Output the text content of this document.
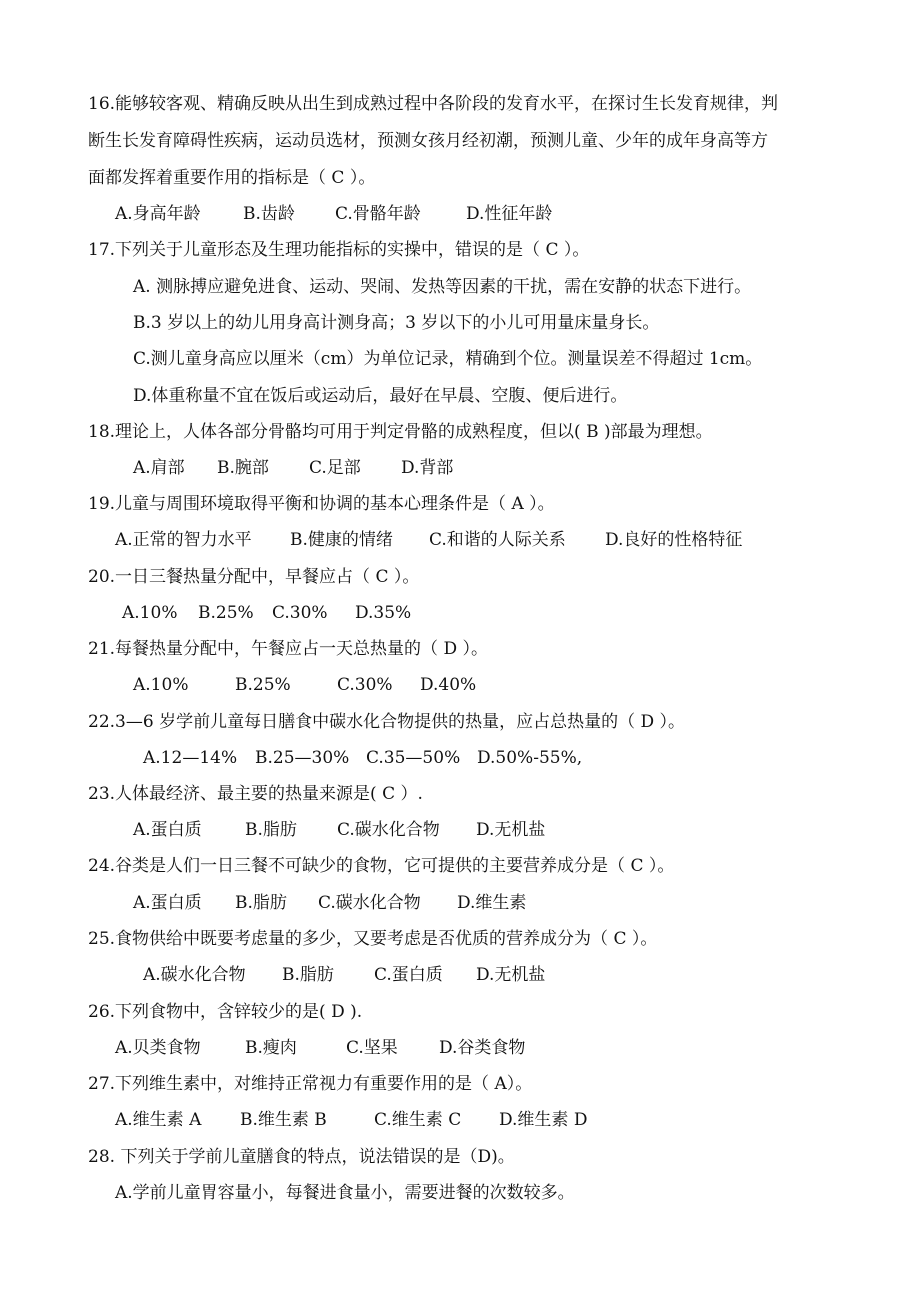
16.能够较客观、精确反映从出生到成熟过程中各阶段的发育水平，在探讨生长发育规律，判
断生长发育障碍性疾病，运动员选材，预测女孩月经初潮，预测儿童、少年的成年身高等方
面都发挥着重要作用的指标是（ C ）。
A.身高年龄 B.齿龄 C.骨骼年龄	D.性征年龄
17.下列关于儿童形态及生理功能指标的实操中，错误的是（ C ）。
A. 测脉搏应避免进食、运动、哭闹、发热等因素的干扰，需在安静的状态下进行。
B.3 岁以上的幼儿用身高计测身高；3 岁以下的小儿可用量床量身长。
C.测儿童身高应以厘米（cm）为单位记录，精确到个位。测量误差不得超过 1cm。
D.体重称量不宜在饭后或运动后，最好在早晨、空腹、便后进行。
18.理论上，人体各部分骨骼均可用于判定骨骼的成熟程度，但以( B )部最为理想。
A.肩部 B.腕部 C.足部 D.背部
19.儿童与周围环境取得平衡和协调的基本心理条件是（ A ）。
A.正常的智力水平 B.健康的情绪 C.和谐的人际关系 D.良好的性格特征
20.一日三餐热量分配中，早餐应占（ C ）。
A.10% B.25% C.30% D.35%
21.每餐热量分配中，午餐应占一天总热量的（ D ）。
A.10%	B.25%	C.30% D.40%
22.3—6 岁学前儿童每日膳食中碳水化合物提供的热量，应占总热量的（ D ）。
A.12—14% B.25—30% C.35—50% D.50%-55%,
23.人体最经济、最主要的热量来源是( C ）.
A.蛋白质	B.脂肪 C.碳水化合物 D.无机盐
24.谷类是人们一日三餐不可缺少的食物，它可提供的主要营养成分是（ C ）。
A.蛋白质 B.脂肪 C.碳水化合物 D.维生素
25.食物供给中既要考虑量的多少，又要考虑是否优质的营养成分为（ C ）。
A.碳水化合物 B.脂肪 C.蛋白质 D.无机盐
26.下列食物中，含锌较少的是( D ).
A.贝类食物	B.瘦肉	C.坚果 D.谷类食物
27.下列维生素中，对维持正常视力有重要作用的是（ A）。
A.维生素 A B.维生素 B	C.维生素 C D.维生素 D
28. 下列关于学前儿童膳食的特点，说法错误的是（D)。
A.学前儿童胃容量小，每餐进食量小，需要进餐的次数较多。
